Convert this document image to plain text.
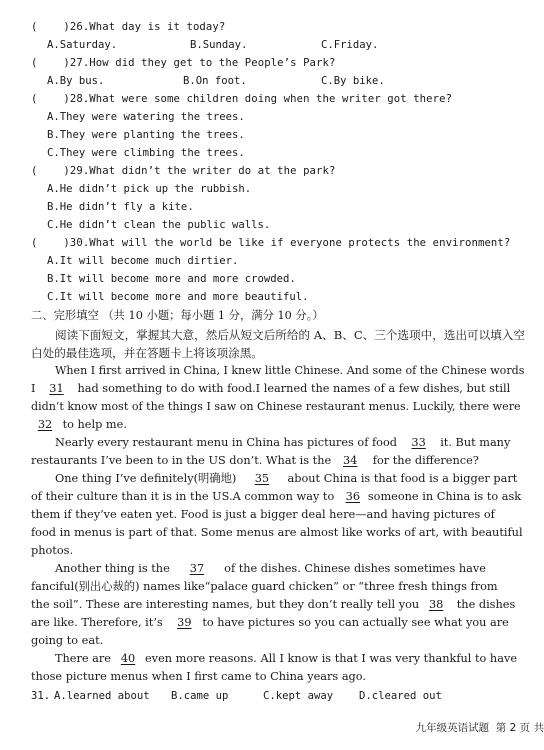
(    )26.What day is it today?
A.Saturday.	B.Sunday.	C.Friday.
(    )27.How did they get to the People’s Park?
A.By bus.	B.On foot.	C.By bike.
(    )28.What were some children doing when the writer got there?
A.They were watering the trees.
B.They were planting the trees.
C.They were climbing the trees.
(    )29.What didn’t the writer do at the park?
A.He didn’t pick up the rubbish.
B.He didn’t fly a kite.
C.He didn’t clean the public walls.
(    )30.What will the world be like if everyone protects the environment?
A.It will become much dirtier.
B.It will become more and more crowded.
C.It will become more and more beautiful.
二、完形填空 （共 10 小题；每小题 1 分，满分 10 分。）
阅读下面短文，掌握其大意，然后从短文后所给的 A、B、C、三个选项中，选出可以填入空
白处的最佳选项，并在答题卡上将该项涂黑。
When I first arrived in China, I knew little Chinese. And some of the Chinese words
I 31 had something to do with food.I learned the names of a few dishes, but still
didn’t know most of the things I saw on Chinese restaurant menus. Luckily, there were
32 to help me.
Nearly every restaurant menu in China has pictures of food 33 it. But many
restaurants I’ve been to in the US don’t. What is the 34 for the difference?
One thing I’ve definitely(明确地) 35 about China is that food is a bigger part
of their culture than it is in the US.A common way to 36 someone in China is to ask
them if they’ve eaten yet. Food is just a bigger deal here—and having pictures of
food in menus is part of that. Some menus are almost like works of art, with beautiful
photos.
Another thing is the 37 of the dishes. Chinese dishes sometimes have
fanciful(别出心裁的) names like“palace guard chicken” or “three fresh things from
the soil”. These are interesting names, but they don’t really tell you 38 the dishes
are like. Therefore, it’s 39 to have pictures so you can actually see what you are
going to eat.
There are 40 even more reasons. All I know is that I was very thankful to have
those picture menus when I first came to China years ago.
31. A.learned about B.came up	C.kept away D.cleared out
九年级英语试题  第 2 页 共
